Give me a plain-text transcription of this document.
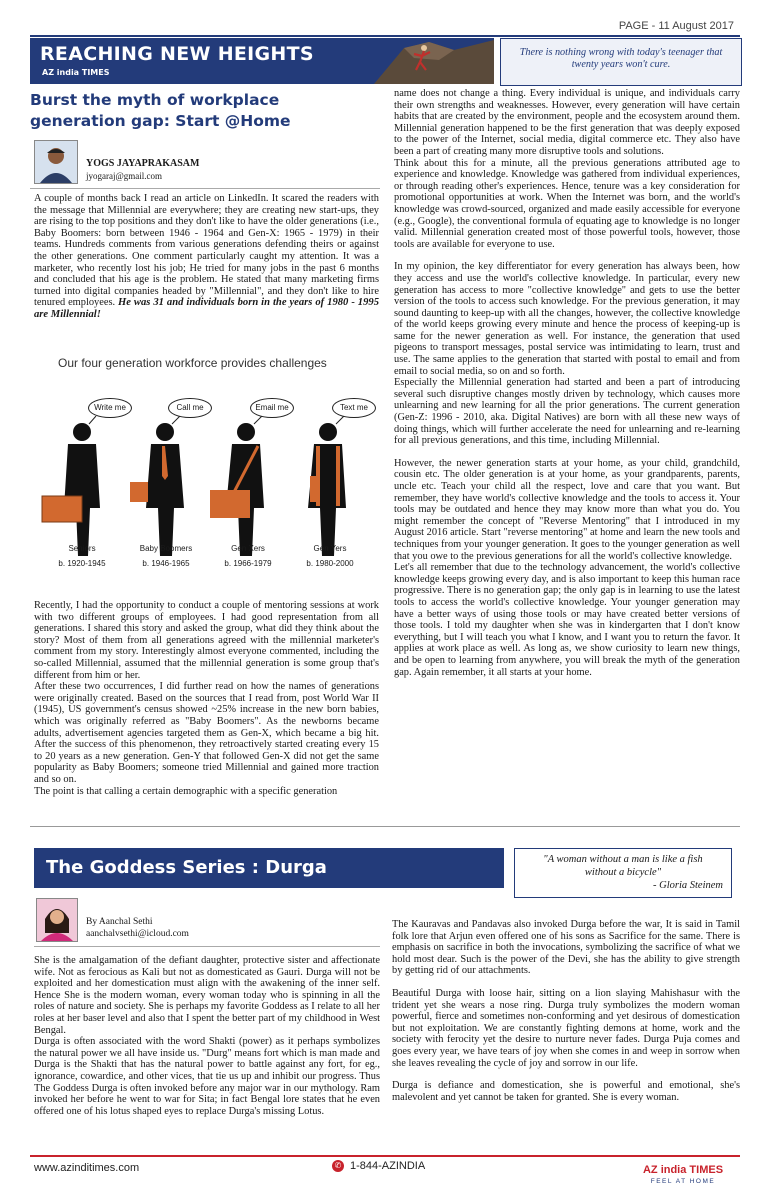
PAGE - 11 August 2017
REACHING NEW HEIGHTS
AZ india TIMES
There is nothing wrong with today's teenager that twenty years won't cure.
Burst the myth of workplace generation gap: Start @Home
YOGS JAYAPRAKASAM
jyogaraj@gmail.com

A couple of months back I read an article on LinkedIn. It scared the readers with the message that Millennial are everywhere; they are creating new start-ups, they are rising to the top positions and they don't like to have the older generations (i.e., Baby Boomers: born between 1946 - 1964 and Gen-X: 1965 - 1979) in their teams. Hundreds comments from various generations defending theirs or against the other generations. One comment particularly caught my attention. It was a marketer, who recently lost his job; He tried for many jobs in the past 6 months and concluded that his age is the problem. He stated that many marketing firms turned into digital companies headed by "Millennial", and they don't like to hire tenured employees. He was 31 and individuals born in the years of 1980 - 1995 are Millennial!
Our four generation workforce provides challenges
Write me	Call me	Email me	Text me
Seniors
b. 1920-1945
Baby Boomers
b. 1946-1965
Gen Xers
b. 1966-1979
Gen Yers
b. 1980-2000

Recently, I had the opportunity to conduct a couple of mentoring sessions at work with two different groups of employees. I had good representation from all generations. I shared this story and asked the group, what did they think about the story? Most of them from all generations agreed with the millennial marketer's comment from my story. Interestingly almost everyone commented, including the so-called Millennial, assumed that the millennial generation is some group that's different from him or her.

After these two occurrences, I did further read on how the names of generations were originally created. Based on the sources that I read from, post World War II (1945), US government's census showed ~25% increase in the new born babies, which was originally referred as "Baby Boomers". As the newborns became adults, advertisement agencies targeted them as Gen-X, which became a big hit. After the success of this phenomenon, they retroactively started creating every 15 to 20 years as a new generation. Gen-Y that followed Gen-X did not get the same popularity as Baby Boomers; someone tried Millennial and gained more traction and so on.

The point is that calling a certain demographic with a specific generation

name does not change a thing. Every individual is unique, and individuals carry their own strengths and weaknesses. However, every generation will have certain habits that are created by the environment, people and the ecosystem around them. Millennial generation happened to be the first generation that was deeply exposed to the power of the Internet, social media, digital commerce etc. They also have been a part of creating many more disruptive tools and solutions.

Think about this for a minute, all the previous generations attributed age to experience and knowledge. Knowledge was gathered from individual experiences, or through reading other's experiences. Hence, tenure was a key consideration for promotional opportunities at work. When the Internet was born, and the world's knowledge was crowd-sourced, organized and made easily accessible for everyone (e.g., Google), the conventional formula of equating age to knowledge is no longer valid. Millennial generation created most of those powerful tools, however, those tools are available for everyone to use.

In my opinion, the key differentiator for every generation has always been, how they access and use the world's collective knowledge. In particular, every new generation has access to more "collective knowledge" and gets to use the better version of the tools to access such knowledge. For the previous generation, it may sound daunting to keep-up with all the changes, however, the collective knowledge of the world keeps growing every minute and hence the process of keeping-up is same for the newer generation as well. For instance, the generation that used pigeons to transport messages, postal service was intimidating to learn, trust and use. The same applies to the generation that started with postal to email and from email to social media, so on and so forth.

Especially the Millennial generation had started and been a part of introducing several such disruptive changes mostly driven by technology, which causes more unlearning and new learning for all the prior generations. The current generation (Gen-Z: 1996 - 2010, aka. Digital Natives) are born with all these new ways of doing things, which will further accelerate the need for unlearning and re-learning for all previous generations, and this time, including Millennial.

However, the newer generation starts at your home, as your child, grandchild, cousin etc. The older generation is at your home, as your grandparents, parents, uncle etc. Teach your child all the respect, love and care that you want. But remember, they have world's collective knowledge and the tools to access it. Your tools may be outdated and hence they may know more than what you do. You might remember the concept of "Reverse Mentoring" that I introduced in my August 2016 article. Start "reverse mentoring" at home and learn the new tools and techniques from your younger generation. It goes to the younger generation as well that you owe to the previous generations for all the world's collective knowledge.

Let's all remember that due to the technology advancement, the world's collective knowledge keeps growing every day, and is also important to keep this human race progressive. There is no generation gap; the only gap is in learning to use the latest tools to access the world's collective knowledge. Your younger generation may have a better ways of using those tools or may have created better versions of those tools. I told my daughter when she was in kindergarten that I don't know everything, but I will teach you what I know, and I want you to return the favor. It applies at work place as well. As long as, we show curiosity to learn new things, and be open to learning from anywhere, you will break the myth of the generation gap. Again remember, it all starts at your home.

The Goddess Series : Durga	"A woman without a man is like a fish
without a bicycle"
- Gloria Steinem
By Aanchal Sethi
aanchalvsethi@icloud.com

She is the amalgamation of the defiant daughter, protective sister and affectionate wife. Not as ferocious as Kali but not as domesticated as Gauri. Durga will not be exploited and her domestication must align with the awakening of the inner self. Hence She is the modern woman, every woman today who is spinning in all the roles of nature and society. She is perhaps my favorite Goddess as I relate to all her roles at her baser level and also that I spent the better part of my childhood in West Bengal.

Durga is often associated with the word Shakti (power) as it perhaps symbolizes the natural power we all have inside us. "Durg" means fort which is man made and Durga is the Shakti that has the natural power to battle against any fort, for eg., ignorance, cowardice, and other vices, that tie us up and inhibit our progress. Thus The Goddess Durga is often invoked before any major war in our mythology. Ram invoked her before he went to war for Sita; in fact Bengal lore states that he even offered one of his lotus shaped eyes to replace Durga's missing Lotus.

The Kauravas and Pandavas also invoked Durga before the war, It is said in Tamil folk lore that Arjun even offered one of his sons as Sacrifice for the same. There is emphasis on sacrifice in both the invocations, symbolizing the sacrifice of what we hold most dear. Such is the power of the Devi, she has the ability to give strength by getting rid of our attachments.

Beautiful Durga with loose hair, sitting on a lion slaying Mahishasur with the trident yet she wears a nose ring. Durga truly symbolizes the modern woman powerful, fierce and sometimes non-conforming and yet desirous of domestication but not exploitation. We are constantly fighting demons at home, work and the society with ferocity yet the desire to nurture never fades. Durga Puja comes and goes every year, we have tears of joy when she comes in and weep in sorrow when she leaves revealing the cycle of joy and sorrow in our life.

Durga is defiance and domestication, she is powerful and emotional, she's malevolent and yet cannot be taken for granted. She is every woman.

www.azinditimes.com	✆ 1-844-AZINDIA	AZ india TIMES
FEEL AT HOME
